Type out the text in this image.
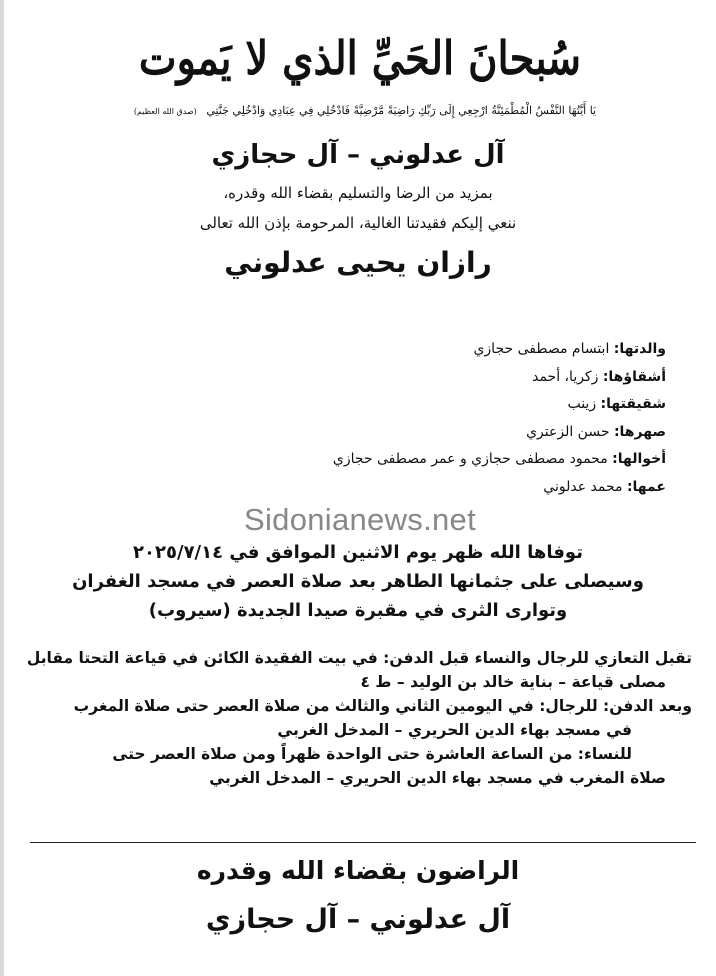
سُبحانَ الحَيِّ الذي لا يَموت
يَا أَيَّتُهَا النَّفْسُ الْمُطْمَئِنَّةُ ارْجِعِي إِلَى رَبِّكِ رَاضِيَةً مَّرْضِيَّةً فَادْخُلِي فِي عِبَادِي وَادْخُلِي جَنَّتِي (صدق الله العظيم)
آل عدلوني – آل حجازي
بمزيد من الرضا والتسليم بقضاء الله وقدره،
ننعي إليكم فقيدتنا الغالية، المرحومة بإذن الله تعالى
رازان يحيى عدلوني
والدتها: ابتسام مصطفى حجازي
أشقاؤها: زكريا، أحمد
شقيقتها: زينب
صهرها: حسن الزعتري
أخوالها: محمود مصطفى حجازي و عمر مصطفى حجازي
عمها: محمد عدلوني
Sidonianews.net
توفاها الله ظهر يوم الاثنين الموافق في ٢٠٢٥/٧/١٤
وسيصلى على جثمانها الطاهر بعد صلاة العصر في مسجد الغفران
وتوارى الثرى في مقبرة صيدا الجديدة (سيروب)
تقبل التعازي للرجال والنساء قبل الدفن: في بيت الفقيدة الكائن في قياعة التحتا مقابل
مصلى قياعة – بناية خالد بن الوليد – ط ٤
وبعد الدفن: للرجال: في اليومين الثاني والثالث من صلاة العصر حتى صلاة المغرب
في مسجد بهاء الدين الحريري – المدخل الغربي
للنساء: من الساعة العاشرة حتى الواحدة ظهراً ومن صلاة العصر حتى
صلاة المغرب في مسجد بهاء الدين الحريري – المدخل الغربي
الراضون بقضاء الله وقدره
آل عدلوني – آل حجازي
